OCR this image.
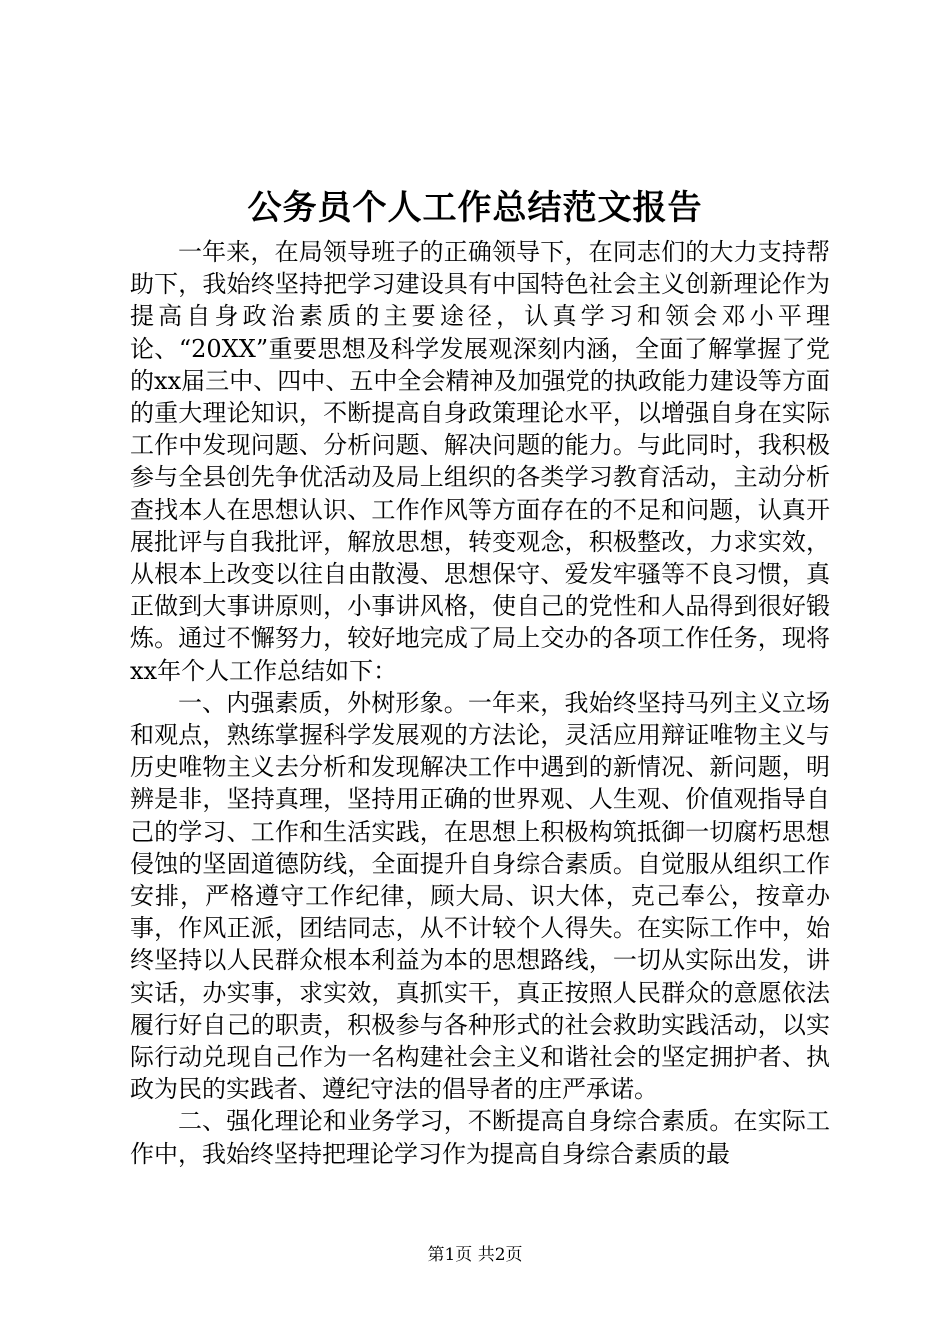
公务员个人工作总结范文报告

一年来，在局领导班子的正确领导下，在同志们的大力支持帮助下，我始终坚持把学习建设具有中国特色社会主义创新理论作为提高自身政治素质的主要途径，认真学习和领会邓小平理论、“20XX”重要思想及科学发展观深刻内涵，全面了解掌握了党的xx届三中、四中、五中全会精神及加强党的执政能力建设等方面的重大理论知识，不断提高自身政策理论水平，以增强自身在实际工作中发现问题、分析问题、解决问题的能力。与此同时，我积极参与全县创先争优活动及局上组织的各类学习教育活动，主动分析查找本人在思想认识、工作作风等方面存在的不足和问题，认真开展批评与自我批评，解放思想，转变观念，积极整改，力求实效，从根本上改变以往自由散漫、思想保守、爱发牢骚等不良习惯，真正做到大事讲原则，小事讲风格，使自己的党性和人品得到很好锻炼。通过不懈努力，较好地完成了局上交办的各项工作任务，现将xx年个人工作总结如下：

一、内强素质，外树形象。一年来，我始终坚持马列主义立场和观点，熟练掌握科学发展观的方法论，灵活应用辩证唯物主义与历史唯物主义去分析和发现解决工作中遇到的新情况、新问题，明辨是非，坚持真理，坚持用正确的世界观、人生观、价值观指导自己的学习、工作和生活实践，在思想上积极构筑抵御一切腐朽思想侵蚀的坚固道德防线，全面提升自身综合素质。自觉服从组织工作安排，严格遵守工作纪律，顾大局、识大体，克己奉公，按章办事，作风正派，团结同志，从不计较个人得失。在实际工作中，始终坚持以人民群众根本利益为本的思想路线，一切从实际出发，讲实话，办实事，求实效，真抓实干，真正按照人民群众的意愿依法履行好自己的职责，积极参与各种形式的社会救助实践活动，以实际行动兑现自己作为一名构建社会主义和谐社会的坚定拥护者、执政为民的实践者、遵纪守法的倡导者的庄严承诺。

二、强化理论和业务学习，不断提高自身综合素质。在实际工作中，我始终坚持把理论学习作为提高自身综合素质的最

第1页 共2页
